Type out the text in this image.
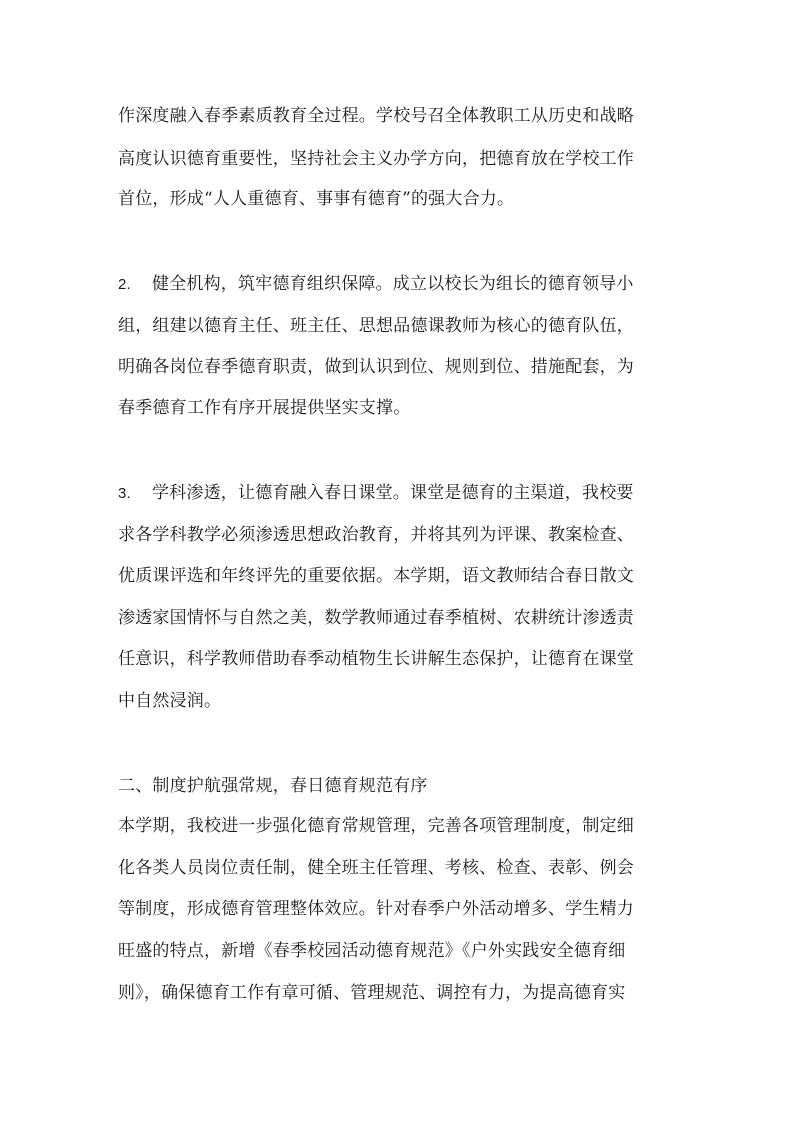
作深度融入春季素质教育全过程。学校号召全体教职工从历史和战略
高度认识德育重要性，坚持社会主义办学方向，把德育放在学校工作
首位，形成“人人重德育、事事有德育”的强大合力。
2. 健全机构，筑牢德育组织保障。成立以校长为组长的德育领导小
组，组建以德育主任、班主任、思想品德课教师为核心的德育队伍，
明确各岗位春季德育职责，做到认识到位、规则到位、措施配套，为
春季德育工作有序开展提供坚实支撑。
3. 学科渗透，让德育融入春日课堂。课堂是德育的主渠道，我校要
求各学科教学必须渗透思想政治教育，并将其列为评课、教案检查、
优质课评选和年终评先的重要依据。本学期，语文教师结合春日散文
渗透家国情怀与自然之美，数学教师通过春季植树、农耕统计渗透责
任意识，科学教师借助春季动植物生长讲解生态保护，让德育在课堂
中自然浸润。
二、制度护航强常规，春日德育规范有序
本学期，我校进一步强化德育常规管理，完善各项管理制度，制定细
化各类人员岗位责任制，健全班主任管理、考核、检查、表彰、例会
等制度，形成德育管理整体效应。针对春季户外活动增多、学生精力
旺盛的特点，新增《春季校园活动德育规范》《户外实践安全德育细
则》，确保德育工作有章可循、管理规范、调控有力，为提高德育实
